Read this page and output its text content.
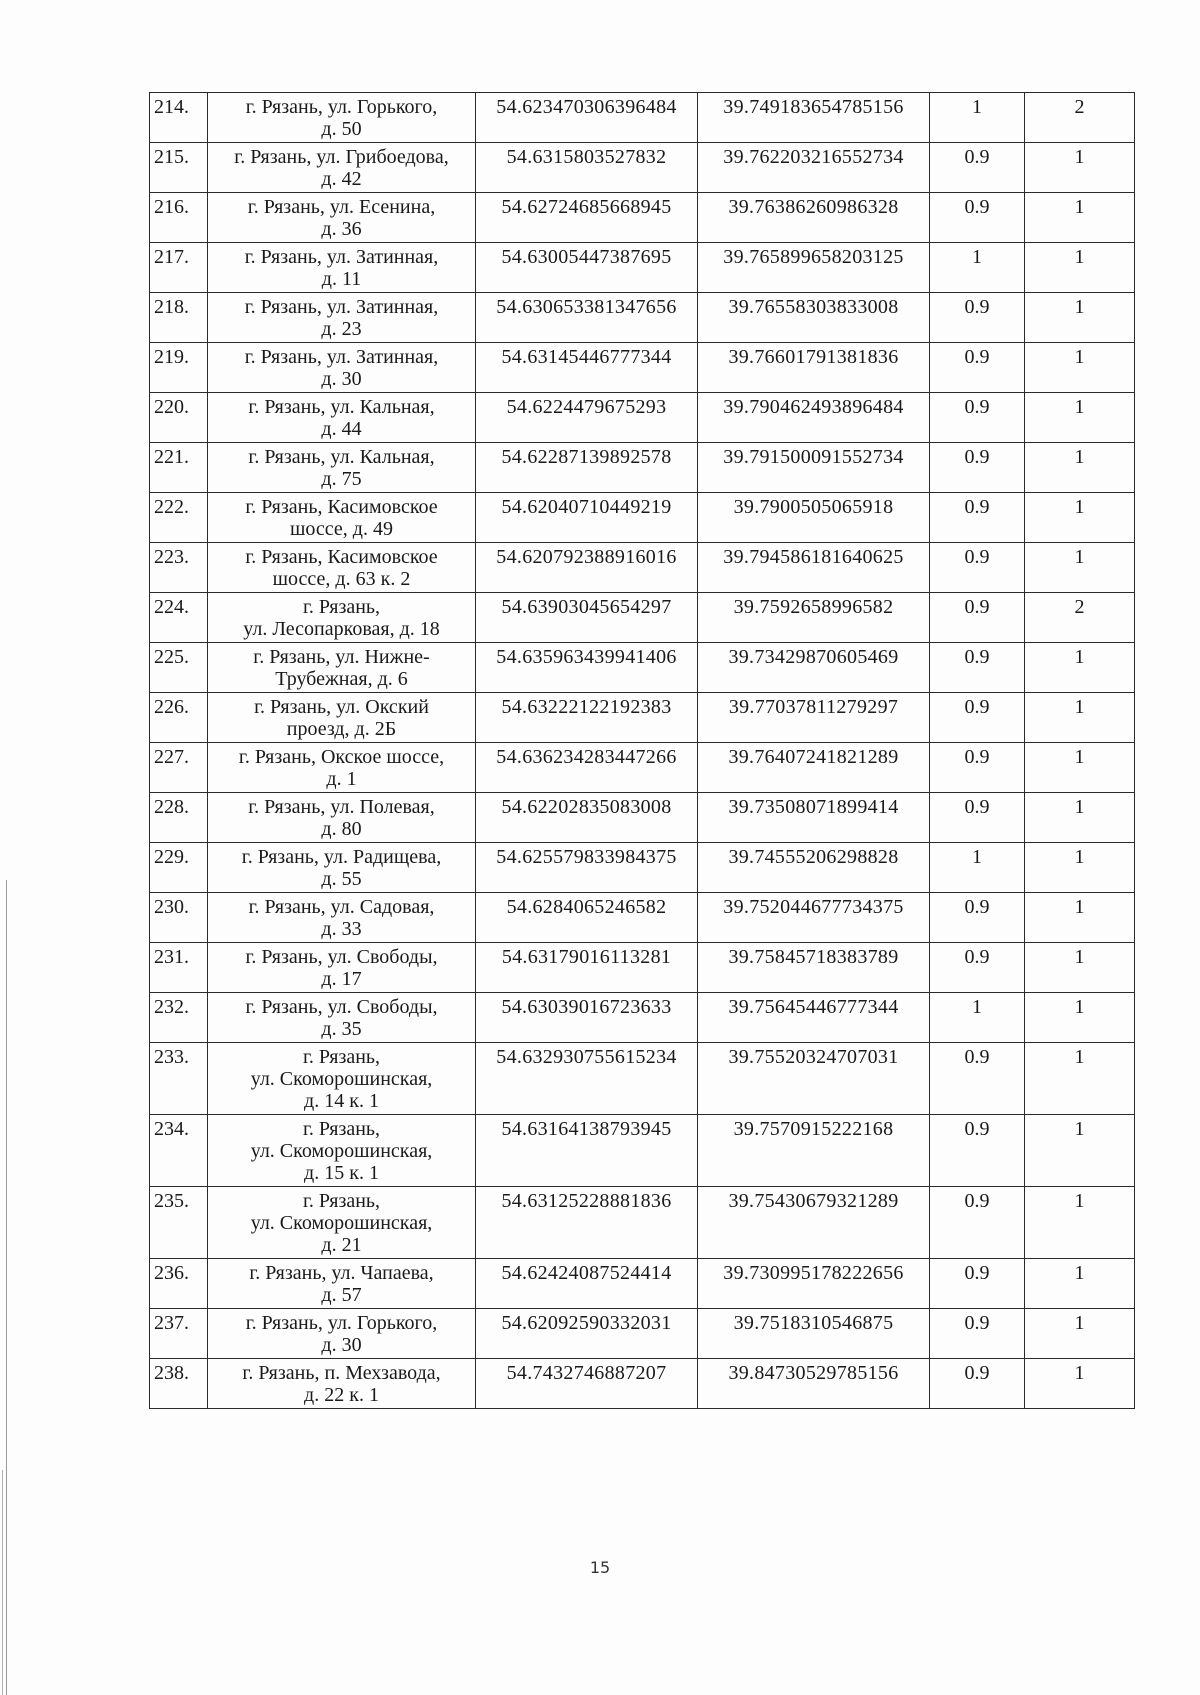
214.	г. Рязань, ул. Горького,
д. 50	54.623470306396484	39.749183654785156	1	2
215.	г. Рязань, ул. Грибоедова,
д. 42	54.6315803527832	39.762203216552734	0.9	1
216.	г. Рязань, ул. Есенина,
д. 36	54.62724685668945	39.76386260986328	0.9	1
217.	г. Рязань, ул. Затинная,
д. 11	54.63005447387695	39.765899658203125	1	1
218.	г. Рязань, ул. Затинная,
д. 23	54.630653381347656	39.76558303833008	0.9	1
219.	г. Рязань, ул. Затинная,
д. 30	54.63145446777344	39.76601791381836	0.9	1
220.	г. Рязань, ул. Кальная,
д. 44	54.6224479675293	39.790462493896484	0.9	1
221.	г. Рязань, ул. Кальная,
д. 75	54.62287139892578	39.791500091552734	0.9	1
222.	г. Рязань, Касимовское
шоссе, д. 49	54.62040710449219	39.7900505065918	0.9	1
223.	г. Рязань, Касимовское
шоссе, д. 63 к. 2	54.620792388916016	39.794586181640625	0.9	1
224.	г. Рязань,
ул. Лесопарковая, д. 18	54.63903045654297	39.7592658996582	0.9	2
225.	г. Рязань, ул. Нижне-
Трубежная, д. 6	54.635963439941406	39.73429870605469	0.9	1
226.	г. Рязань, ул. Окский
проезд, д. 2Б	54.63222122192383	39.77037811279297	0.9	1
227.	г. Рязань, Окское шоссе,
д. 1	54.636234283447266	39.76407241821289	0.9	1
228.	г. Рязань, ул. Полевая,
д. 80	54.62202835083008	39.73508071899414	0.9	1
229.	г. Рязань, ул. Радищева,
д. 55	54.625579833984375	39.74555206298828	1	1
230.	г. Рязань, ул. Садовая,
д. 33	54.6284065246582	39.752044677734375	0.9	1
231.	г. Рязань, ул. Свободы,
д. 17	54.63179016113281	39.75845718383789	0.9	1
232.	г. Рязань, ул. Свободы,
д. 35	54.63039016723633	39.75645446777344	1	1
233.	г. Рязань,
ул. Скоморошинская,
д. 14 к. 1	54.632930755615234	39.75520324707031	0.9	1
234.	г. Рязань,
ул. Скоморошинская,
д. 15 к. 1	54.63164138793945	39.7570915222168	0.9	1
235.	г. Рязань,
ул. Скоморошинская,
д. 21	54.63125228881836	39.75430679321289	0.9	1
236.	г. Рязань, ул. Чапаева,
д. 57	54.62424087524414	39.730995178222656	0.9	1
237.	г. Рязань, ул. Горького,
д. 30	54.62092590332031	39.7518310546875	0.9	1
238.	г. Рязань, п. Мехзавода,
д. 22 к. 1	54.7432746887207	39.84730529785156	0.9	1
15
